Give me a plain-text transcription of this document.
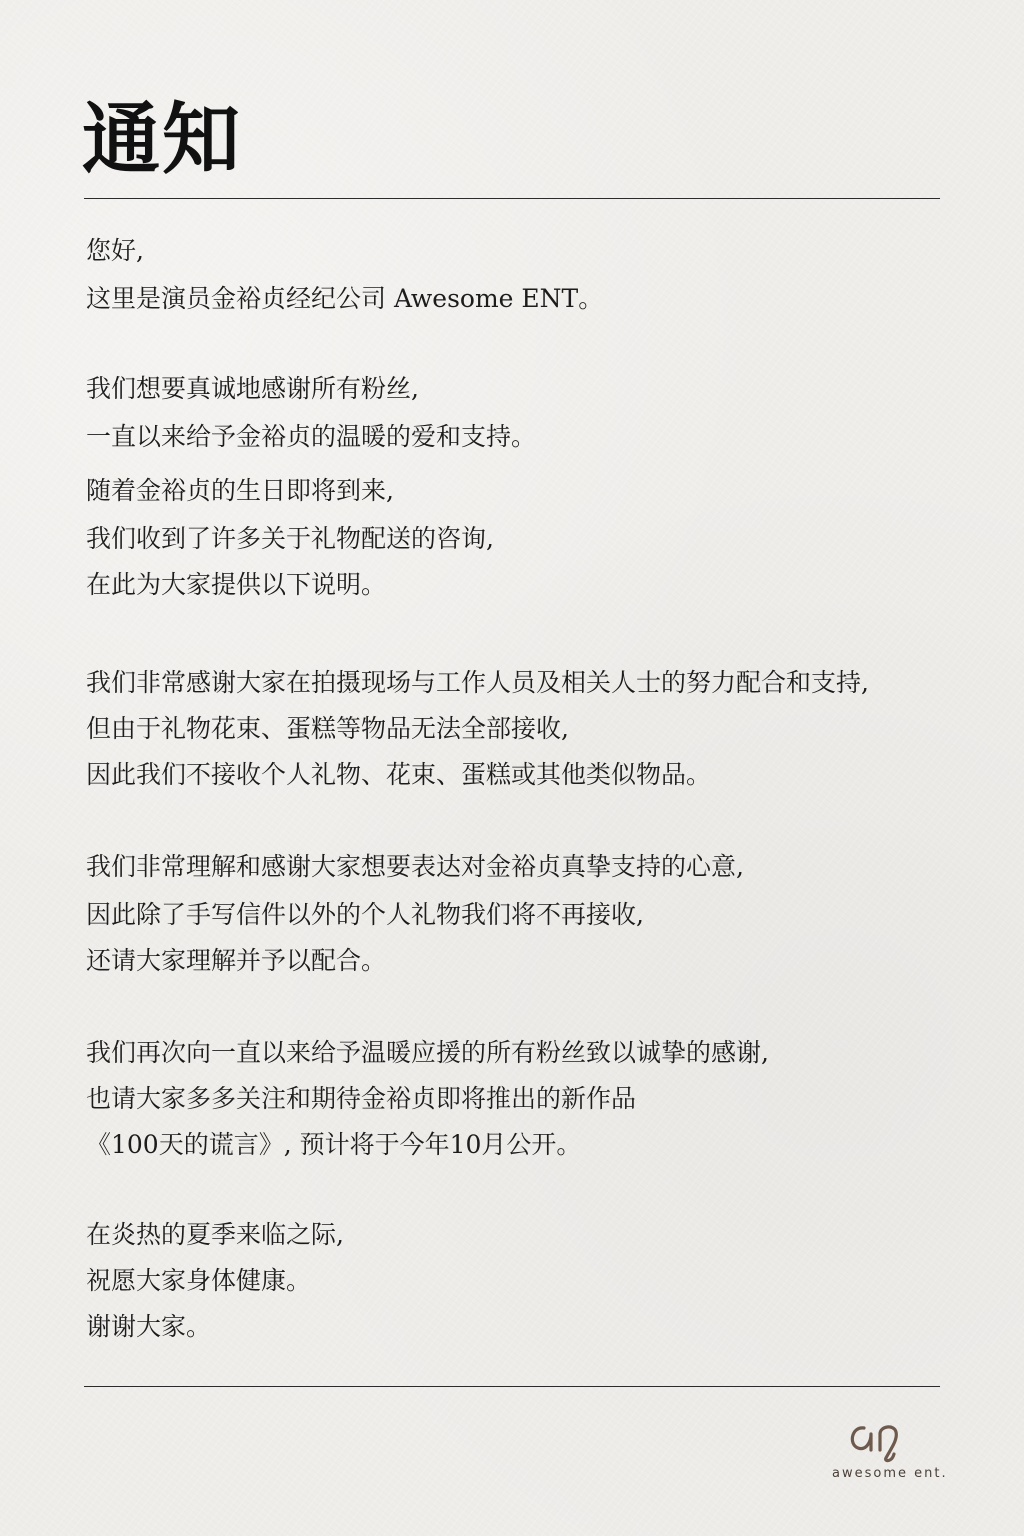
通知

您好,

这里是演员金裕贞经纪公司 Awesome ENT。

我们想要真诚地感谢所有粉丝,

一直以来给予金裕贞的温暖的爱和支持。

随着金裕贞的生日即将到来,

我们收到了许多关于礼物配送的咨询,

在此为大家提供以下说明。

我们非常感谢大家在拍摄现场与工作人员及相关人士的努力配合和支持,

但由于礼物花束、蛋糕等物品无法全部接收,

因此我们不接收个人礼物、花束、蛋糕或其他类似物品。

我们非常理解和感谢大家想要表达对金裕贞真挚支持的心意,

因此除了手写信件以外的个人礼物我们将不再接收,

还请大家理解并予以配合。

我们再次向一直以来给予温暖应援的所有粉丝致以诚挚的感谢,

也请大家多多关注和期待金裕贞即将推出的新作品

《100天的谎言》, 预计将于今年10月公开。

在炎热的夏季来临之际,

祝愿大家身体健康。

谢谢大家。

awesome ent.
